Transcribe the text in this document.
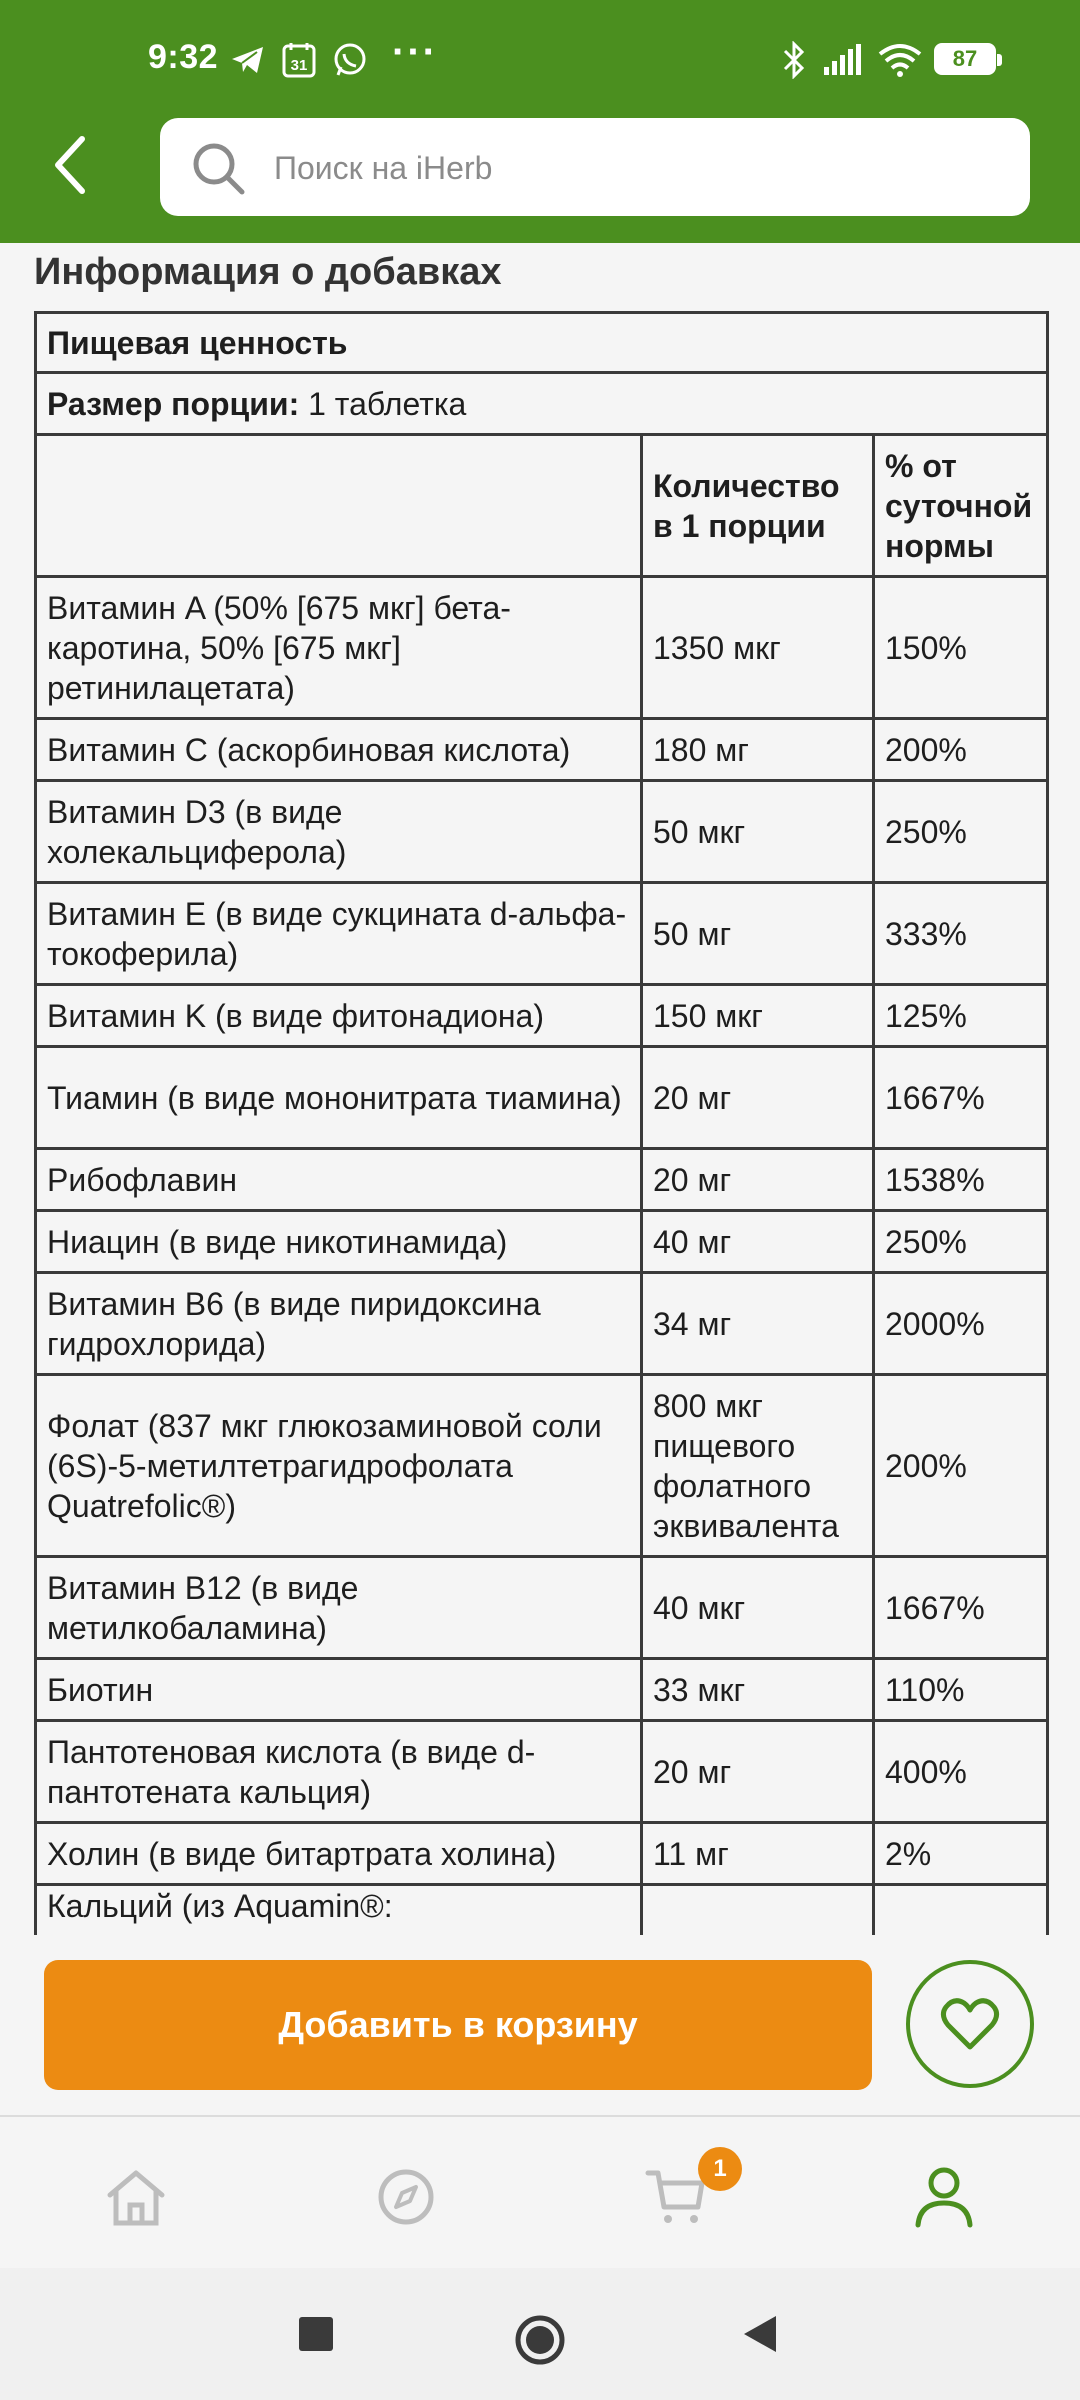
9:32	31 ···	87
Поиск на iHerb
Информация о добавках
Пищевая ценность		
Размер порции: 1 таблетка		
	Количество в 1 порции	% от суточной нормы
Витамин A (50% [675 мкг] бета-каротина, 50% [675 мкг] ретинилацетата)	1350 мкг	150%
Витамин C (аскорбиновая кислота)	180 мг	200%
Витамин D3 (в виде холекальциферола)	50 мкг	250%
Витамин E (в виде сукцината d-альфа-токоферила)	50 мг	333%
Витамин K (в виде фитонадиона)	150 мкг	125%
Тиамин (в виде мононитрата тиамина)	20 мг	1667%
Рибофлавин	20 мг	1538%
Ниацин (в виде никотинамида)	40 мг	250%
Витамин B6 (в виде пиридоксина гидрохлорида)	34 мг	2000%
Фолат (837 мкг глюкозаминовой соли (6S)-5-метилтетрагидрофолата Quatrefolic®)	800 мкг пищевого фолатного эквивалента	200%
Витамин B12 (в виде метилкобаламина)	40 мкг	1667%
Биотин	33 мкг	110%
Пантотеновая кислота (в виде d-пантотената кальция)	20 мг	400%
Холин (в виде битартрата холина)	11 мг	2%
Кальций (из Aquamin®:		
Добавить в корзину
1
